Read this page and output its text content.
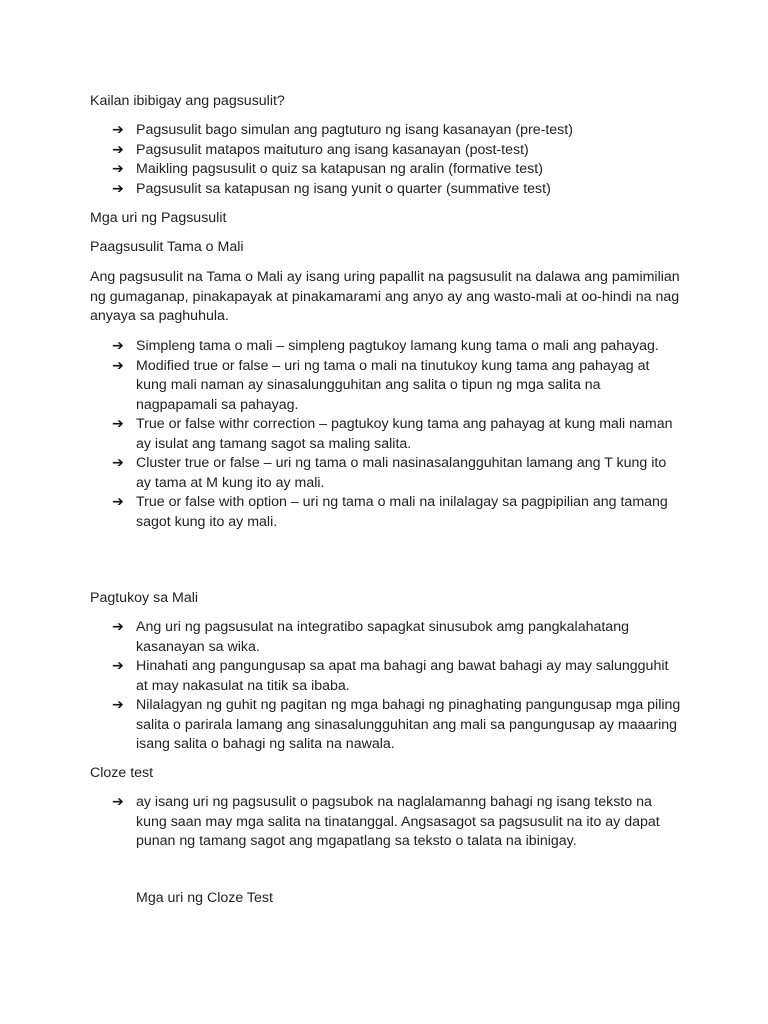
Kailan ibibigay ang pagsusulit?

➔ Pagsusulit bago simulan ang pagtuturo ng isang kasanayan (pre-test)
➔ Pagsusulit matapos maituturo ang isang kasanayan (post-test)
➔ Maikling pagsusulit o quiz sa katapusan ng aralin (formative test)
➔ Pagsusulit sa katapusan ng isang yunit o quarter (summative test)

Mga uri ng Pagsusulit

Paagsusulit Tama o Mali

Ang pagsusulit na Tama o Mali ay isang uring papallit na pagsusulit na dalawa ang pamimilian ng gumaganap, pinakapayak at pinakamarami ang anyo ay ang wasto-mali at oo-hindi na nag anyaya sa paghuhula.

➔ Simpleng tama o mali – simpleng pagtukoy lamang kung tama o mali ang pahayag.
➔ Modified true or false – uri ng tama o mali na tinutukoy kung tama ang pahayag at kung mali naman ay sinasalungguhitan ang salita o tipun ng mga salita na nagpapamali sa pahayag.
➔ True or false withr correction – pagtukoy kung tama ang pahayag at kung mali naman ay isulat ang tamang sagot sa maling salita.
➔ Cluster true or false – uri ng tama o mali nasinasalangguhitan lamang ang T kung ito ay tama at M kung ito ay mali.
➔ True or false with option – uri ng tama o mali na inilalagay sa pagpipilian ang tamang sagot kung ito ay mali.

Pagtukoy sa Mali

➔ Ang uri ng pagsusulat na integratibo sapagkat sinusubok amg pangkalahatang kasanayan sa wika.
➔ Hinahati ang pangungusap sa apat ma bahagi ang bawat bahagi ay may salungguhit at may nakasulat na titik sa ibaba.
➔ Nilalagyan ng guhit ng pagitan ng mga bahagi ng pinaghating pangungusap mga piling salita o parirala lamang ang sinasalungguhitan ang mali sa pangungusap ay maaaring isang salita o bahagi ng salita na nawala.

Cloze test

➔ ay isang uri ng pagsusulit o pagsubok na naglalamanng bahagi ng isang teksto na kung saan may mga salita na tinatanggal. Angsasagot sa pagsusulit na ito ay dapat punan ng tamang sagot ang mgapatlang sa teksto o talata na ibinigay.

Mga uri ng Cloze Test
